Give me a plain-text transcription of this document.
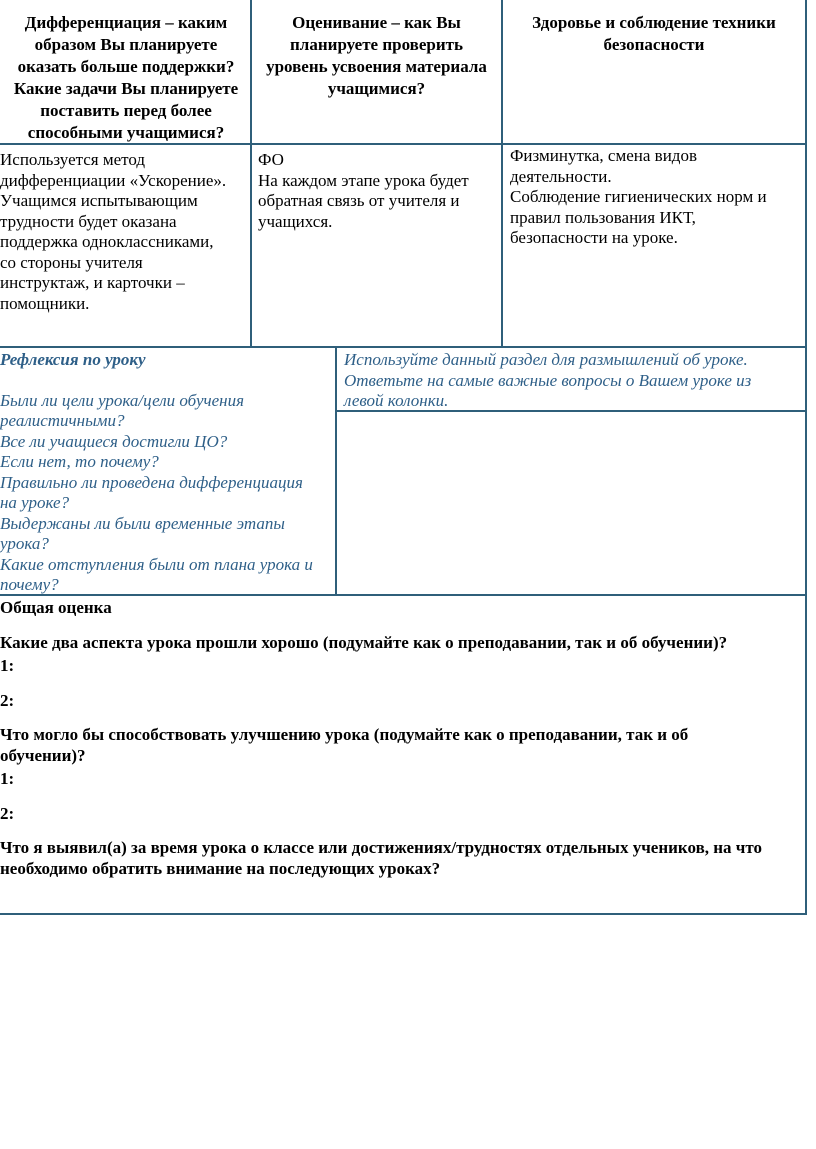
Дифференциация – каким
образом Вы планируете
оказать больше поддержки?
Какие задачи Вы планируете
поставить перед более
способными учащимися?
Оценивание – как Вы
планируете проверить
уровень усвоения материала
учащимися?
Здоровье и соблюдение техники
безопасности
Используется метод
дифференциации «Ускорение».
Учащимся испытывающим
трудности будет оказана
поддержка одноклассниками,
со стороны учителя
инструктаж, и карточки –
помощники.
ФО
На каждом этапе урока будет
обратная связь от учителя и
учащихся.
Физминутка, смена видов
деятельности.
Соблюдение гигиенических норм и
правил пользования ИКТ,
безопасности на уроке.
Рефлексия по уроку
Были ли цели урока/цели обучения
реалистичными?
Все ли учащиеся достигли ЦО?
Если нет, то почему?
Правильно ли проведена дифференциация
на уроке?
Выдержаны ли были временные этапы
урока?
Какие отступления были от плана урока и
почему?
Используйте данный раздел для размышлений об уроке.
Ответьте на самые важные вопросы о Вашем уроке из
левой колонки.
Общая оценка
Какие два аспекта урока прошли хорошо (подумайте как о преподавании, так и об обучении)?
1:
2:
Что могло бы способствовать улучшению урока (подумайте как о преподавании, так и об
обучении)?
1:
2:
Что я выявил(а) за время урока о классе или достижениях/трудностях отдельных учеников, на что
необходимо обратить внимание на последующих уроках?
